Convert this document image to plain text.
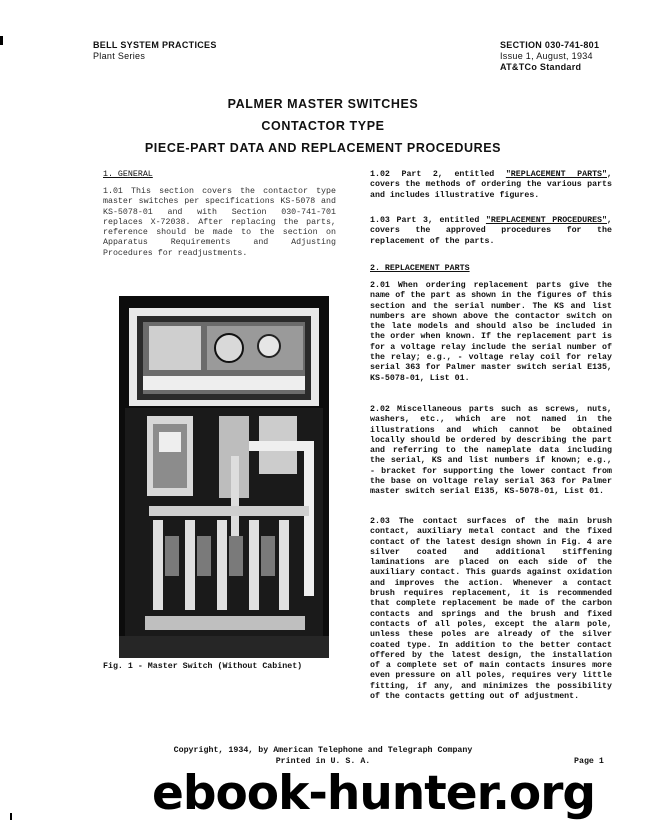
BELL SYSTEM PRACTICES
Plant Series
SECTION 030-741-801
Issue 1, August, 1934
AT&TCo Standard
PALMER MASTER SWITCHES
CONTACTOR TYPE
PIECE-PART DATA AND REPLACEMENT PROCEDURES
1. GENERAL

1.01 This section covers the contactor type master switches per specifications KS-5078 and KS-5078-01 and with Section 030-741-701 replaces X-72038. After replacing the parts, reference should be made to the section on Apparatus Requirements and Adjusting Procedures for readjustments.

Fig. 1 - Master Switch (Without Cabinet)

1.02 Part 2, entitled "REPLACEMENT PARTS", covers the methods of ordering the various parts and includes illustrative figures.

1.03 Part 3, entitled "REPLACEMENT PROCEDURES", covers the approved procedures for the replacement of the parts.

2. REPLACEMENT PARTS

2.01 When ordering replacement parts give the name of the part as shown in the figures of this section and the serial number. The KS and list numbers are shown above the contactor switch on the late models and should also be included in the order when known. If the replacement part is for a voltage relay include the serial number of the relay; e.g., - voltage relay coil for relay serial 363 for Palmer master switch serial E135, KS-5078-01, List 01.

2.02 Miscellaneous parts such as screws, nuts, washers, etc., which are not named in the illustrations and which cannot be obtained locally should be ordered by describing the part and referring to the nameplate data including the serial, KS and list numbers if known; e.g., - bracket for supporting the lower contact from the base on voltage relay serial 363 for Palmer master switch serial E135, KS-5078-01, List 01.

2.03 The contact surfaces of the main brush contact, auxiliary metal contact and the fixed contact of the latest design shown in Fig. 4 are silver coated and additional stiffening laminations are placed on each side of the auxiliary contact. This guards against oxidation and improves the action. Whenever a contact brush requires replacement, it is recommended that complete replacement be made of the carbon contacts and springs and the brush and fixed contacts of all poles, except the alarm pole, unless these poles are already of the silver coated type. In addition to the better contact offered by the latest design, the installation of a complete set of main contacts insures more even pressure on all poles, requires very little fitting, if any, and minimizes the possibility of the contacts getting out of adjustment.

Copyright, 1934, by American Telephone and Telegraph Company
Printed in U. S. A.	Page 1
ebook-hunter.org
